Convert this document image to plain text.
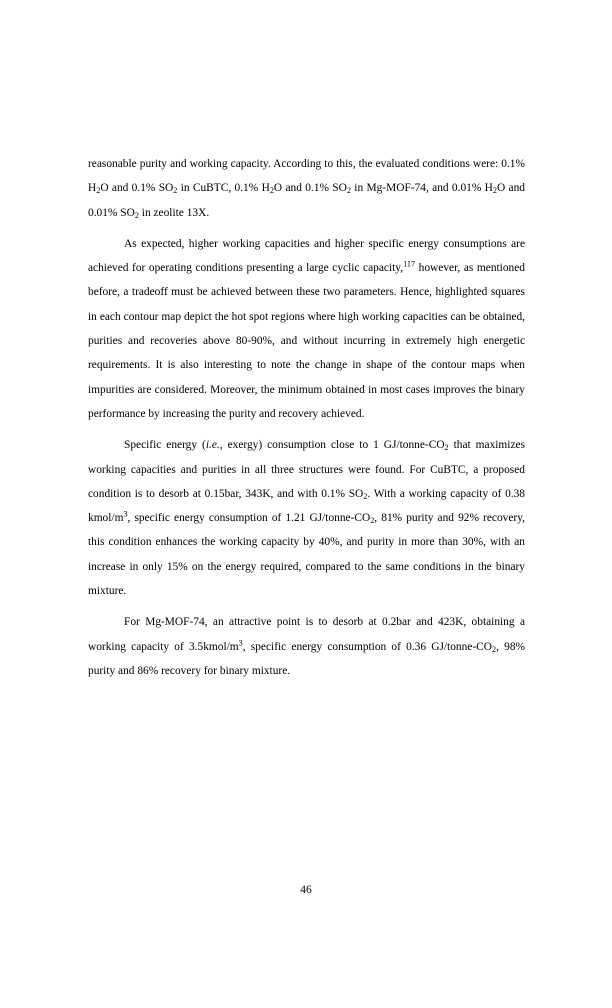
reasonable purity and working capacity. According to this, the evaluated conditions were: 0.1% $H_2O$ and 0.1% $SO_2$ in CuBTC, 0.1% $H_2O$ and 0.1% $SO_2$ in Mg-MOF-74, and 0.01% $H_2O$ and 0.01% $SO_2$ in zeolite 13X.

As expected, higher working capacities and higher specific energy consumptions are achieved for operating conditions presenting a large cyclic capacity,$^{117}$ however, as mentioned before, a tradeoff must be achieved between these two parameters. Hence, highlighted squares in each contour map depict the hot spot regions where high working capacities can be obtained, purities and recoveries above 80-90%, and without incurring in extremely high energetic requirements. It is also interesting to note the change in shape of the contour maps when impurities are considered. Moreover, the minimum obtained in most cases improves the binary performance by increasing the purity and recovery achieved.

Specific energy (i.e., exergy) consumption close to 1 $GJ/tonne-CO_2$ that maximizes working capacities and purities in all three structures were found. For CuBTC, a proposed condition is to desorb at 0.15bar, 343K, and with 0.1% $SO_2$. With a working capacity of 0.38 kmol/$m^3$, specific energy consumption of 1.21 $GJ/tonne-CO_2$, 81% purity and 92% recovery, this condition enhances the working capacity by 40%, and purity in more than 30%, with an increase in only 15% on the energy required, compared to the same conditions in the binary mixture.

For Mg-MOF-74, an attractive point is to desorb at 0.2bar and 423K, obtaining a working capacity of $3.5kmol/m^3$, specific energy consumption of 0.36 $GJ/tonne-CO_2$, 98% purity and 86% recovery for binary mixture.

46
